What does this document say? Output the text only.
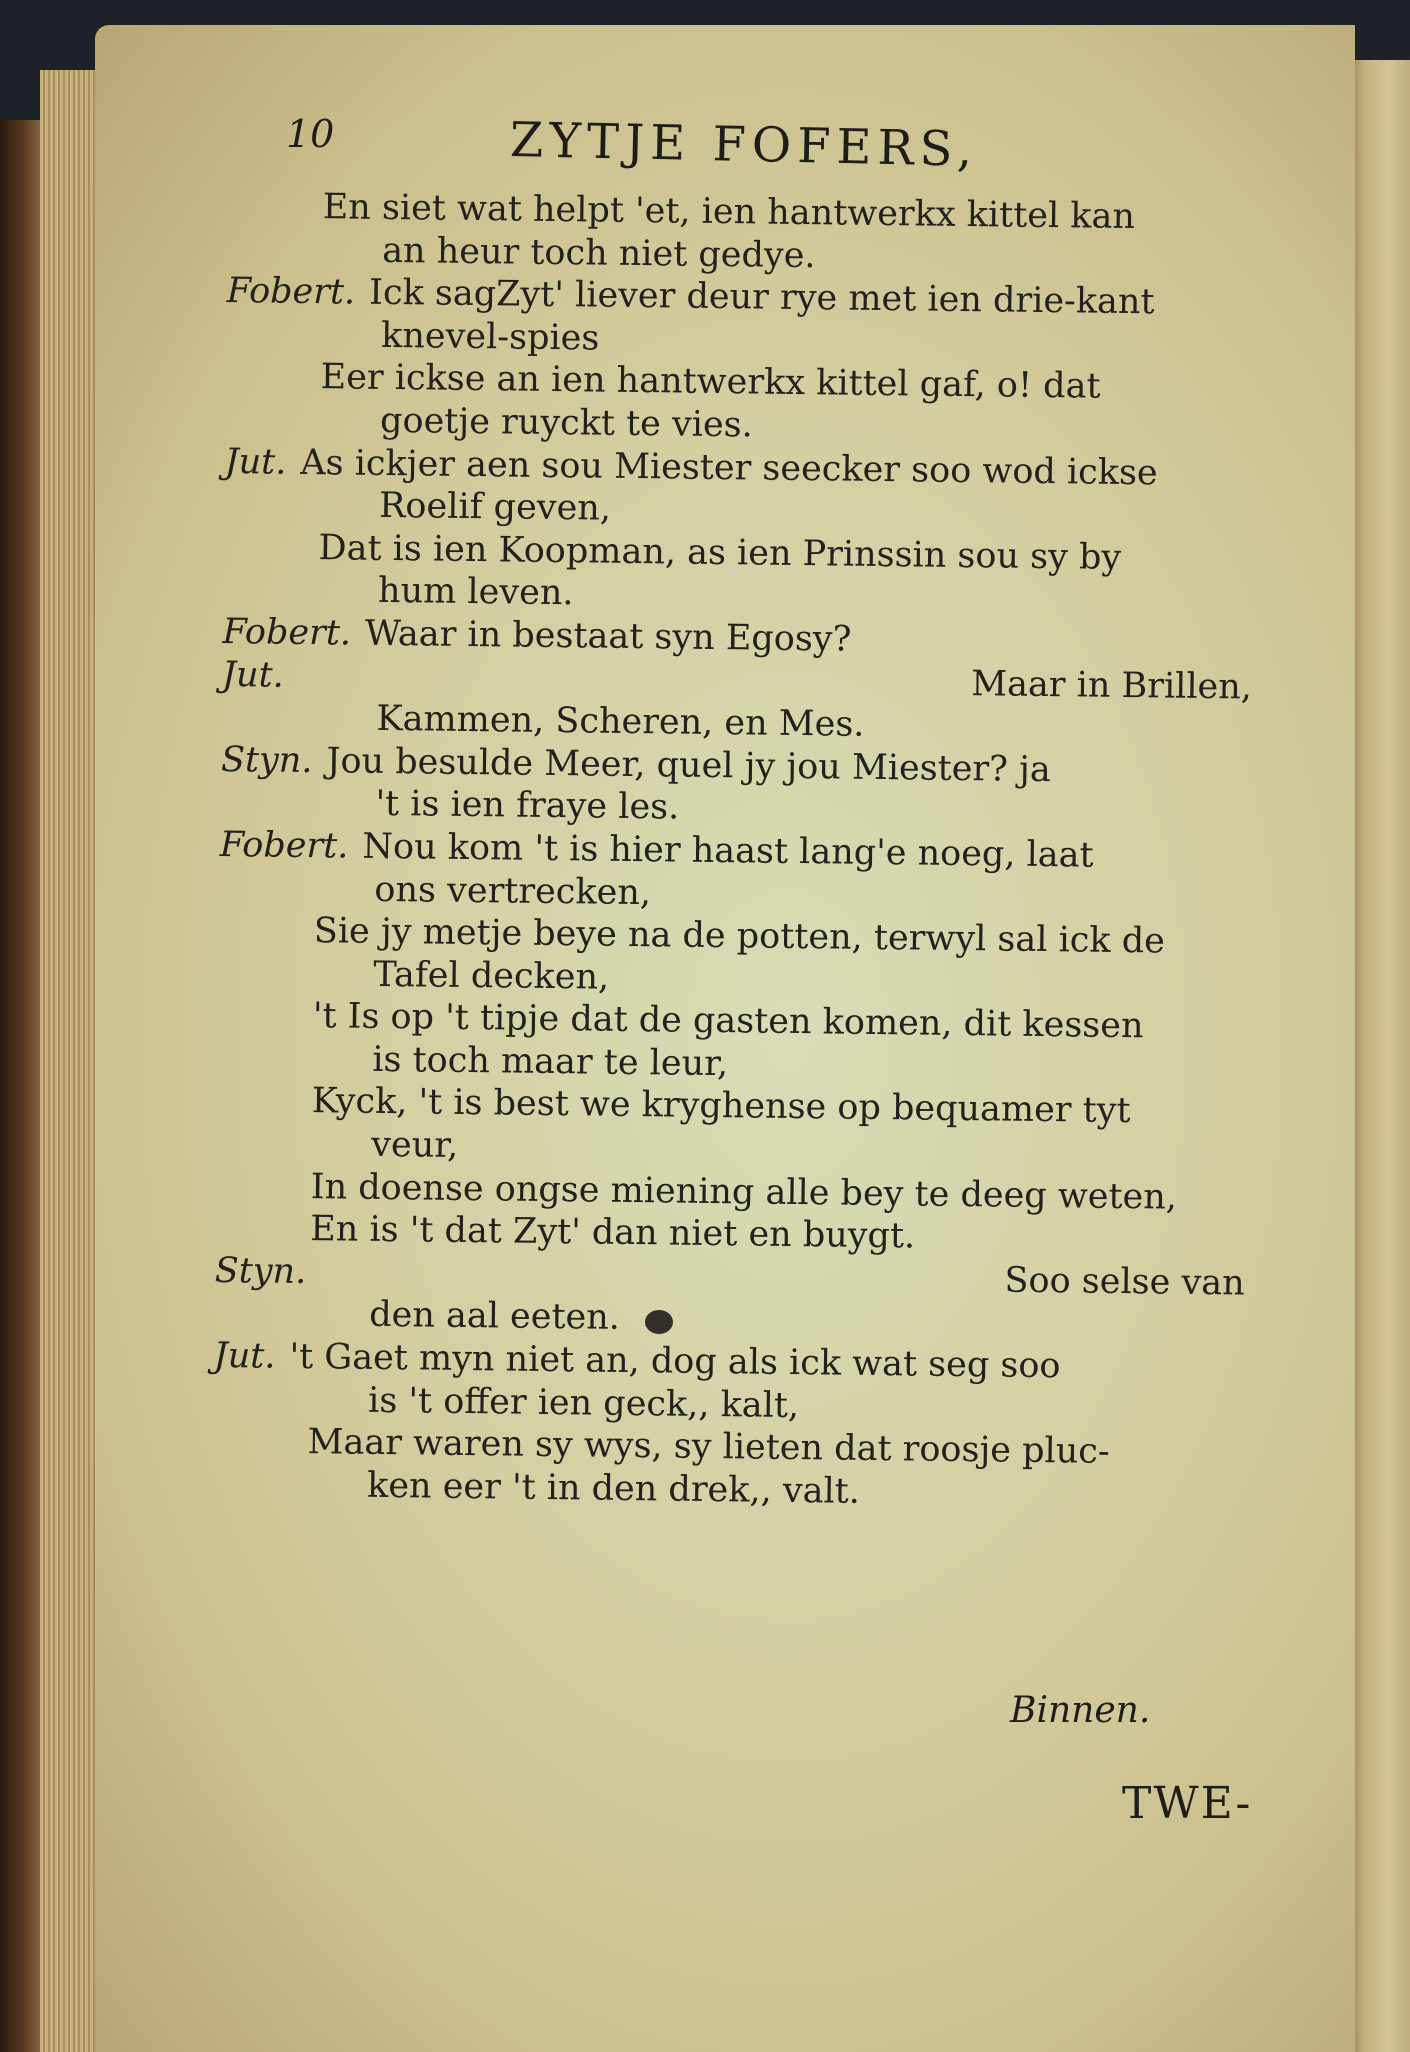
10	ZYTJE FOFERS,
En siet wat helpt 'et, ien hantwerkx kittel kan
an heur toch niet gedye.
Fobert. Ick sagZyt' liever deur rye met ien drie-kant
knevel-spies
Eer ickse an ien hantwerkx kittel gaf, o! dat
goetje ruyckt te vies.
Jut. As ickjer aen sou Miester seecker soo wod ickse
Roelif geven,
Dat is ien Koopman, as ien Prinssin sou sy by
hum leven.
Fobert. Waar in bestaat syn Egosy?
Jut.	Maar in Brillen,
Kammen, Scheren, en Mes.
Styn. Jou besulde Meer, quel jy jou Miester? ja
't is ien fraye les.
Fobert. Nou kom 't is hier haast lang'e noeg, laat
ons vertrecken,
Sie jy metje beye na de potten, terwyl sal ick de
Tafel decken,
't Is op 't tipje dat de gasten komen, dit kessen
is toch maar te leur,
Kyck, 't is best we kryghense op bequamer tyt
veur,
In doense ongse miening alle bey te deeg weten,
En is 't dat Zyt' dan niet en buygt.
Styn.	Soo selse van
den aal eeten.
Jut. 't Gaet myn niet an, dog als ick wat seg soo
is 't offer ien geck,, kalt,
Maar waren sy wys, sy lieten dat roosje pluc-
ken eer 't in den drek,, valt.
Binnen.
TWE-
